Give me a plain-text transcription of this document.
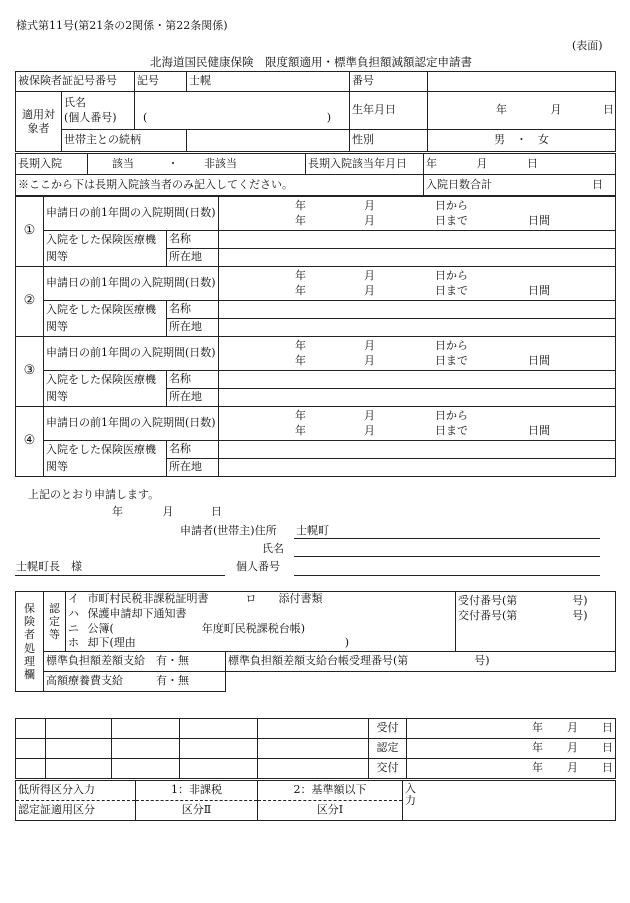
様式第11号(第21条の2関係・第22条関係)
(表面)
北海道国民健康保険　限度額適用・標準負担額減額認定申請書
被保険者証記号番号		記号	士幌	番号	
適用対象者	氏名
(個人番号)	( )		生年月日	年 月 日
	世帯主との続柄			性別	男　・　女
長期入院	該当 ・ 非該当	長期入院該当年月日	年 月 日
※ここから下は長期入院該当者のみ記入してください。			入院日数合計 日
①	申請日の前1年間の入院期間(日数)		年 月 日から
年 月 日まで 日間

	入院をした保険医療機関等	名称	
		所在地	
②	申請日の前1年間の入院期間(日数)		年 月 日から
年 月 日まで 日間

	入院をした保険医療機関等	名称	
		所在地	
③	申請日の前1年間の入院期間(日数)		年 月 日から
年 月 日まで 日間

	入院をした保険医療機関等	名称	
		所在地	
④	申請日の前1年間の入院期間(日数)		年 月 日から
年 月 日まで 日間

	入院をした保険医療機関等	名称	
		所在地	
上記のとおり申請します。
年	月	日
申請者(世帯主)住所 士幌町
氏名
士幌町長　様	個人番号
保険者処理欄	認定等	イ	市町村民税非課税証明書	ロ　　添付書類	受付番号(第　　　　　号)
交付番号(第　　　　　号)

		ハ	保護申請却下通知書		
		ニ	公簿(　　　　　　　　年度町民税課税台帳)		
		ホ	却下(理由　　　　　　　　　　　　　　　　　　　)		
	標準負担額差額支給　有・無			標準負担額差額支給台帳受理番号(第　　　　　　号)	
	高額療養費支給　　　有・無				
					受付	年 月 日
					認定	年 月 日
					交付	年 月 日
低所得区分入力	1：非課税	2：基準額以下	入力
認定証適用区分	区分Ⅱ	区分Ⅰ	
